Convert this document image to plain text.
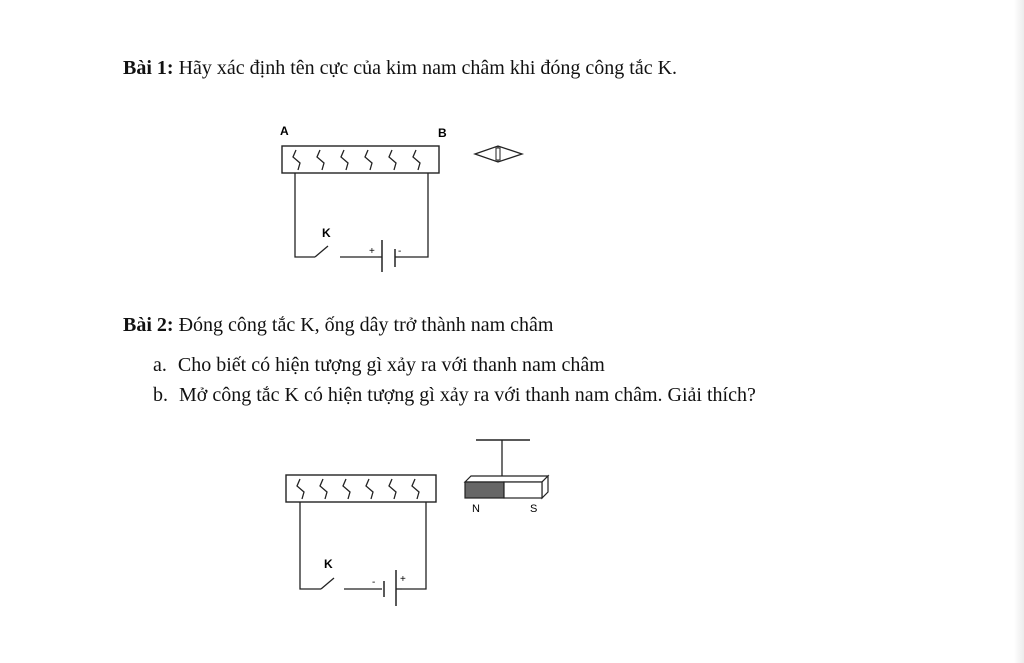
Bài 1: Hãy xác định tên cực của kim nam châm khi đóng công tắc K.
A	B
K
+ -
Bài 2: Đóng công tắc K, ống dây trở thành nam châm
a. Cho biết có hiện tượng gì xảy ra với thanh nam châm
b. Mở công tắc K có hiện tượng gì xảy ra với thanh nam châm. Giải thích?
K
- +
N	S
